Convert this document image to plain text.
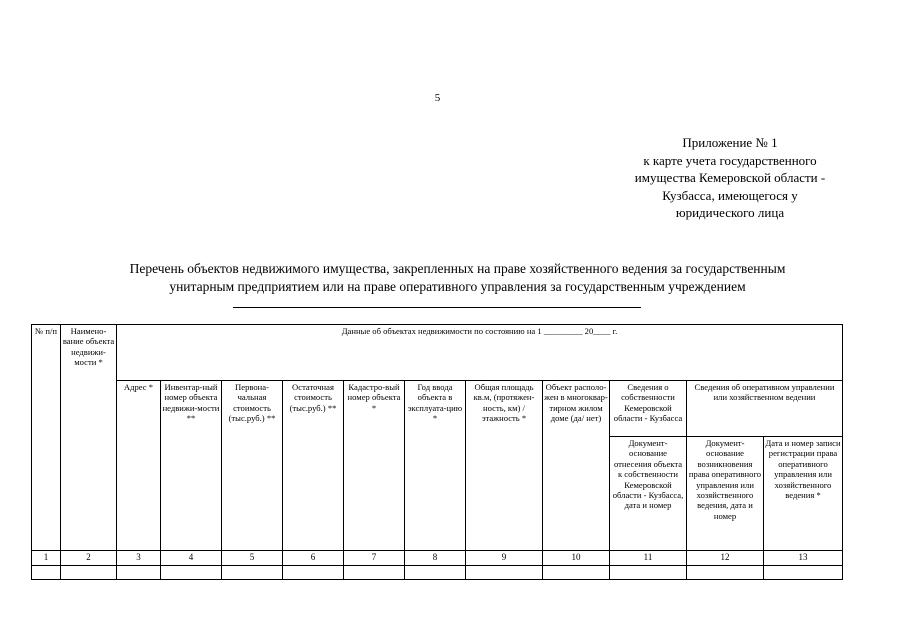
5
Приложение № 1
к карте учета государственного
имущества Кемеровской области -
Кузбасса, имеющегося у
юридического лица
Перечень объектов недвижимого имущества, закрепленных на праве хозяйственного ведения за государственным
унитарным предприятием или на праве оперативного управления за государственным учреждением
№ п/п	Наимено-вание объекта недвижи-мости *	Данные об объектах недвижимости по состоянию на 1 _________ 20____ г.										
		Адрес *	Инвентар-ный номер объекта недвижи-мости **	Первона-чальная стоимость (тыс.руб.) **	Остаточная стоимость (тыс.руб.) **	Кадастро-вый номер объекта *	Год ввода объекта в эксплуата-цию *	Общая площадь кв.м, (протяжен-ность, км) / этажность *	Объект располо-жен в многоквар-тирном жилом доме (да/ нет)	Сведения о собственности Кемеровской области - Кузбасса	Сведения об оперативном управлении или хозяйственном ведении	
										Документ-основание отнесения объекта к собственности Кемеровской области - Кузбасса, дата и номер	Документ-основание возникновения права оперативного управления или хозяйственного ведения, дата и номер	Дата и номер записи регистрации права оперативного управления или хозяйственного ведения *
1	2	3	4	5	6	7	8	9	10	11	12	13
